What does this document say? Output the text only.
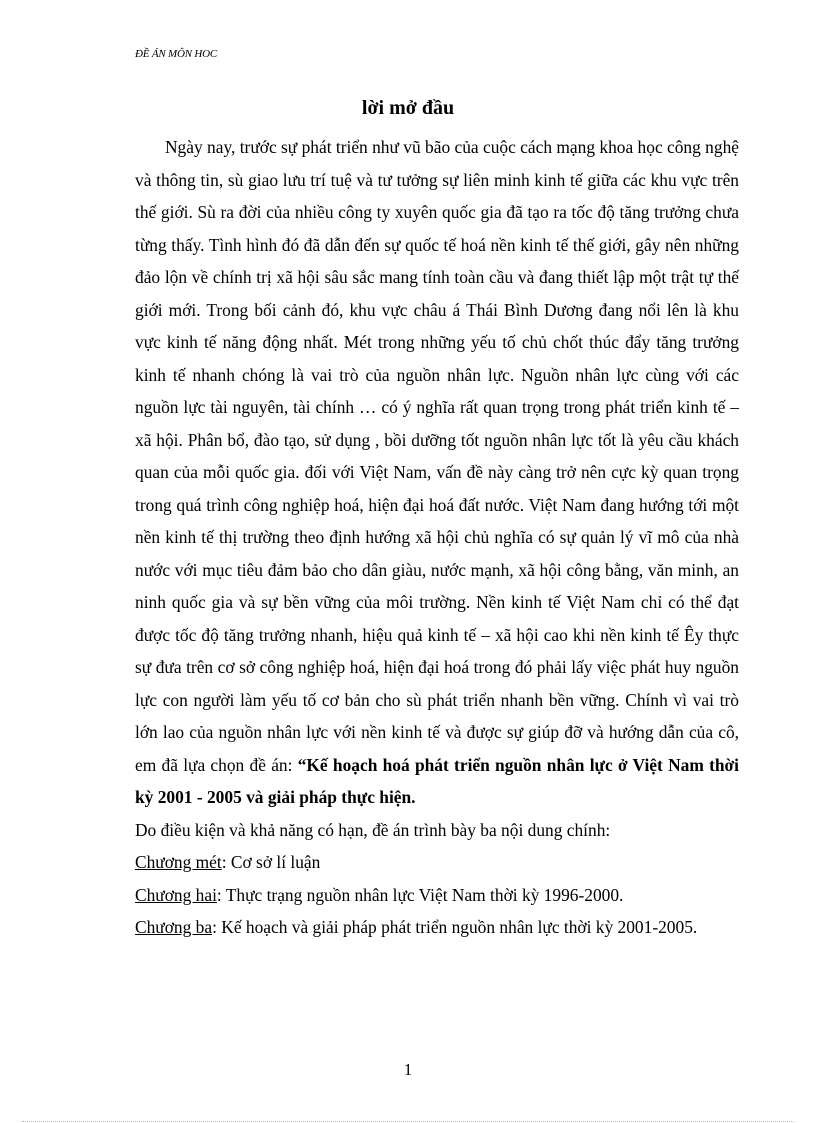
ĐỀ ÁN MÔN HOC
lời mở đầu

Ngày nay, trước sự phát triển như vũ bão của cuộc cách mạng khoa học công nghệ và thông tin, sù giao lưu trí tuệ và tư tưởng sự liên minh kinh tế giữa các khu vực trên thế giới. Sù ra đời của nhiều công ty xuyên quốc gia đã tạo ra tốc độ tăng trưởng chưa từng thấy. Tình hình đó đã dẫn đến sự quốc tế hoá nền kinh tế thế giới, gây nên những đảo lộn về chính trị xã hội sâu sắc mang tính toàn cầu và đang thiết lập một trật tự thế giới mới. Trong bối cảnh đó, khu vực châu á Thái Bình Dương đang nổi lên là khu vực kinh tế năng động nhất. Mét trong những yếu tố chủ chốt thúc đẩy tăng trưởng kinh tế nhanh chóng là vai trò của nguồn nhân lực. Nguồn nhân lực cùng với các nguồn lực tài nguyên, tài chính … có ý nghĩa rất quan trọng trong phát triển kinh tế –xã hội. Phân bổ, đào tạo, sử dụng , bồi dưỡng tốt nguồn nhân lực tốt là yêu cầu khách quan của mỗi quốc gia. đối với Việt Nam, vấn đề này càng trở nên cực kỳ quan trọng trong quá trình công nghiệp hoá, hiện đại hoá đất nước. Việt Nam đang hướng tới một nền kinh tế thị trường theo định hướng xã hội chủ nghĩa có sự quản lý vĩ mô của nhà nước với mục tiêu đảm bảo cho dân giàu, nước mạnh, xã hội công bằng, văn minh, an ninh quốc gia và sự bền vững của môi trường. Nền kinh tế Việt Nam chỉ có thể đạt được tốc độ tăng trưởng nhanh, hiệu quả kinh tế – xã hội cao khi nền kinh tế Êy thực sự đưa trên cơ sở công nghiệp hoá, hiện đại hoá trong đó phải lấy việc phát huy nguồn lực con người làm yếu tố cơ bản cho sù phát triển nhanh bền vững. Chính vì vai trò lớn lao của nguồn nhân lực với nền kinh tế và được sự giúp đỡ và hướng dẫn của cô, em đã lựa chọn đề án: “Kế hoạch hoá phát triển nguồn nhân lực ở Việt Nam thời kỳ 2001 - 2005 và giải pháp thực hiện.

Do điều kiện và khả năng có hạn, đề án trình bày ba nội dung chính:

Chương mét: Cơ sở lí luận

Chương hai: Thực trạng nguồn nhân lực Việt Nam thời kỳ 1996-2000.

Chương ba: Kế hoạch và giải pháp phát triển nguồn nhân lực thời kỳ 2001-2005.

1
